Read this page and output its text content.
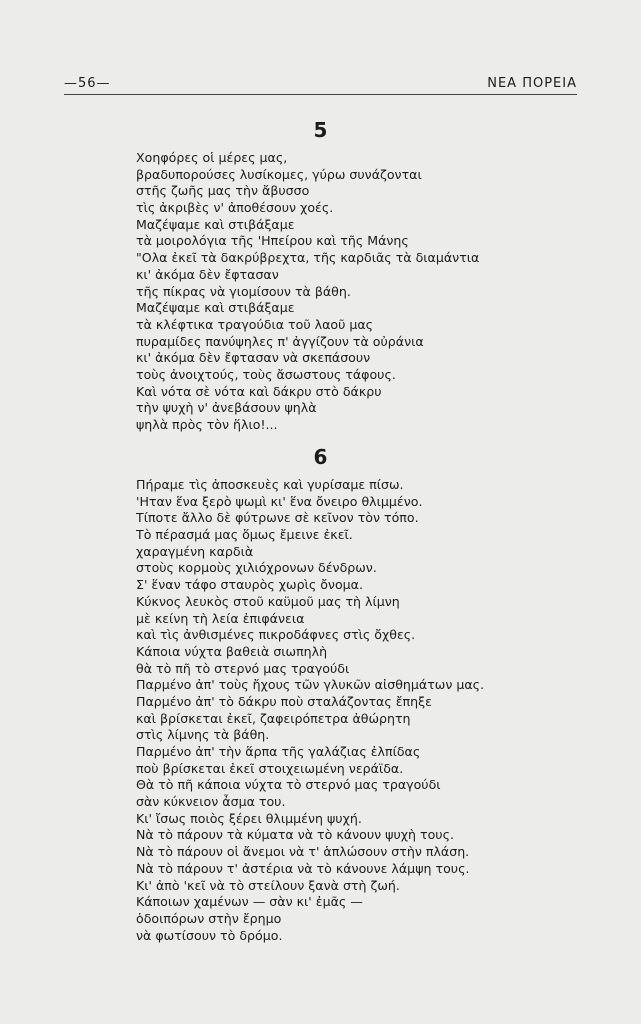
—56—	ΝΕΑ ΠΟΡΕΙΑ
5
Χοηφόρες οἱ μέρες μας,
βραδυπορούσες λυσίκομες, γύρω συνάζονται
στῆς ζωῆς μας τὴν ἄβυσσο
τὶς ἀκριβὲς ν' ἀποθέσουν χοές.
Μαζέψαμε καὶ στιβάξαμε
τὰ μοιρολόγια τῆς 'Ηπείρου καὶ τῆς Μάνης
"Ολα ἐκεῖ τὰ δακρύβρεχτα, τῆς καρδιᾶς τὰ διαμάντια
κι' ἀκόμα δὲν ἔφτασαν
τῆς πίκρας νὰ γιομίσουν τὰ βάθη.
Μαζέψαμε καὶ στιβάξαμε
τὰ κλέφτικα τραγούδια τοῦ λαοῦ μας
πυραμίδες πανύψηλες π' ἀγγίζουν τὰ οὐράνια
κι' ἀκόμα δὲν ἔφτασαν νὰ σκεπάσουν
τοὺς ἀνοιχτούς, τοὺς ἄσωστους τάφους.
Καὶ νότα σὲ νότα καὶ δάκρυ στὸ δάκρυ
τὴν ψυχὴ ν' ἀνεβάσουν ψηλὰ
ψηλὰ πρὸς τὸν ἥλιο!...
6
Πήραμε τὶς ἀποσκευὲς καὶ γυρίσαμε πίσω.
'Ηταν ἕνα ξερὸ ψωμὶ κι' ἕνα ὄνειρο θλιμμένο.
Τίποτε ἄλλο δὲ φύτρωνε σὲ κεῖνον τὸν τόπο.
Τὸ πέρασμά μας ὅμως ἔμεινε ἐκεῖ.
χαραγμένη καρδιὰ
στοὺς κορμοὺς χιλιόχρονων δένδρων.
Σ' ἕναν τάφο σταυρὸς χωρὶς ὄνομα.
Κύκνος λευκὸς στοῦ καϋμοῦ μας τὴ λίμνη
μὲ κείνη τὴ λεία ἐπιφάνεια
καὶ τὶς ἀνθισμένες πικροδάφνες στὶς ὄχθες.
Κάποια νύχτα βαθειὰ σιωπηλὴ
θὰ τὸ πῆ τὸ στερνό μας τραγούδι
Παρμένο ἀπ' τοὺς ἤχους τῶν γλυκῶν αἰσθημάτων μας.
Παρμένο ἀπ' τὸ δάκρυ ποὺ σταλάζοντας ἔπηξε
καὶ βρίσκεται ἐκεῖ, ζαφειρόπετρα ἀθώρητη
στὶς λίμνης τὰ βάθη.
Παρμένο ἀπ' τὴν ἅρπα τῆς γαλάζιας ἐλπίδας
ποὺ βρίσκεται ἐκεῖ στοιχειωμένη νεράϊδα.
Θὰ τὸ πῆ κάποια νύχτα τὸ στερνό μας τραγούδι
σὰν κύκνειον ἆσμα του.
Κι' ἴσως ποιὸς ξέρει θλιμμένη ψυχή.
Νὰ τὸ πάρουν τὰ κύματα νὰ τὸ κάνουν ψυχὴ τους.
Νὰ τὸ πάρουν οἱ ἄνεμοι νὰ τ' ἁπλώσουν στὴν πλάση.
Νὰ τὸ πάρουν τ' ἀστέρια νὰ τὸ κάνουνε λάμψη τους.
Κι' ἀπὸ 'κεῖ νὰ τὸ στείλουν ξανὰ στὴ ζωή.
Κάποιων χαμένων — σὰν κι' ἐμᾶς —
ὁδοιπόρων στὴν ἔρημο
νὰ φωτίσουν τὸ δρόμο.
